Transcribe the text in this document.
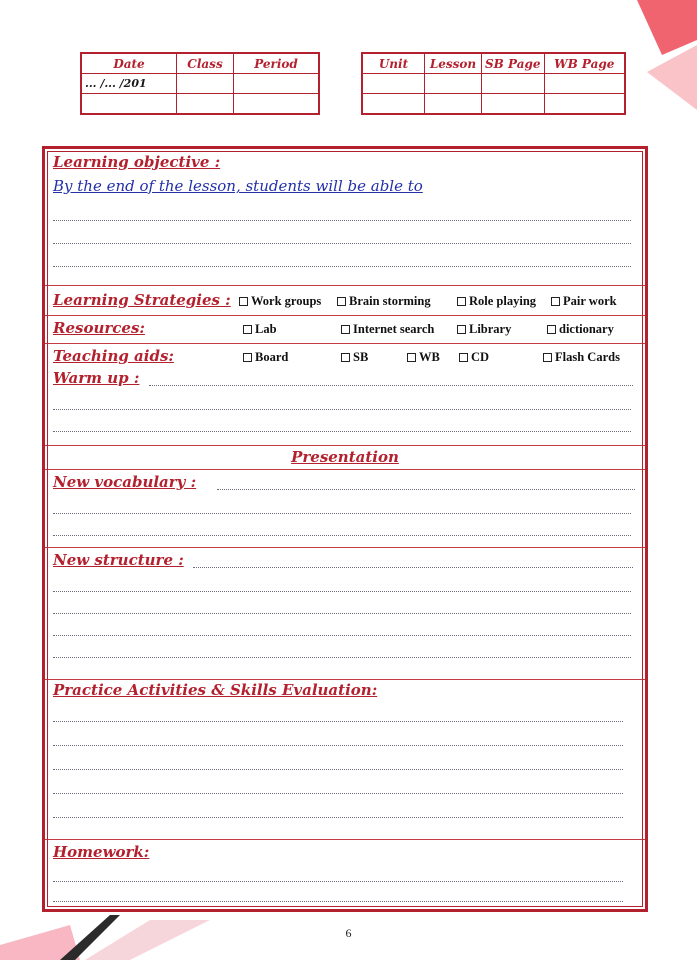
Date	Class	Period
... /... /201		

Unit	Lesson	SB Page	WB Page

Learning objective :
By the end of the lesson, students will be able to
Learning Strategies :	Work groups	Brain storming	Role playing	Pair work
Resources:	Lab	Internet search	Library	dictionary
Teaching aids:	Board	SB	WB	CD	Flash Cards
Warm up :
Presentation
New vocabulary :
New structure :
Practice Activities & Skills Evaluation:
Homework:
6
